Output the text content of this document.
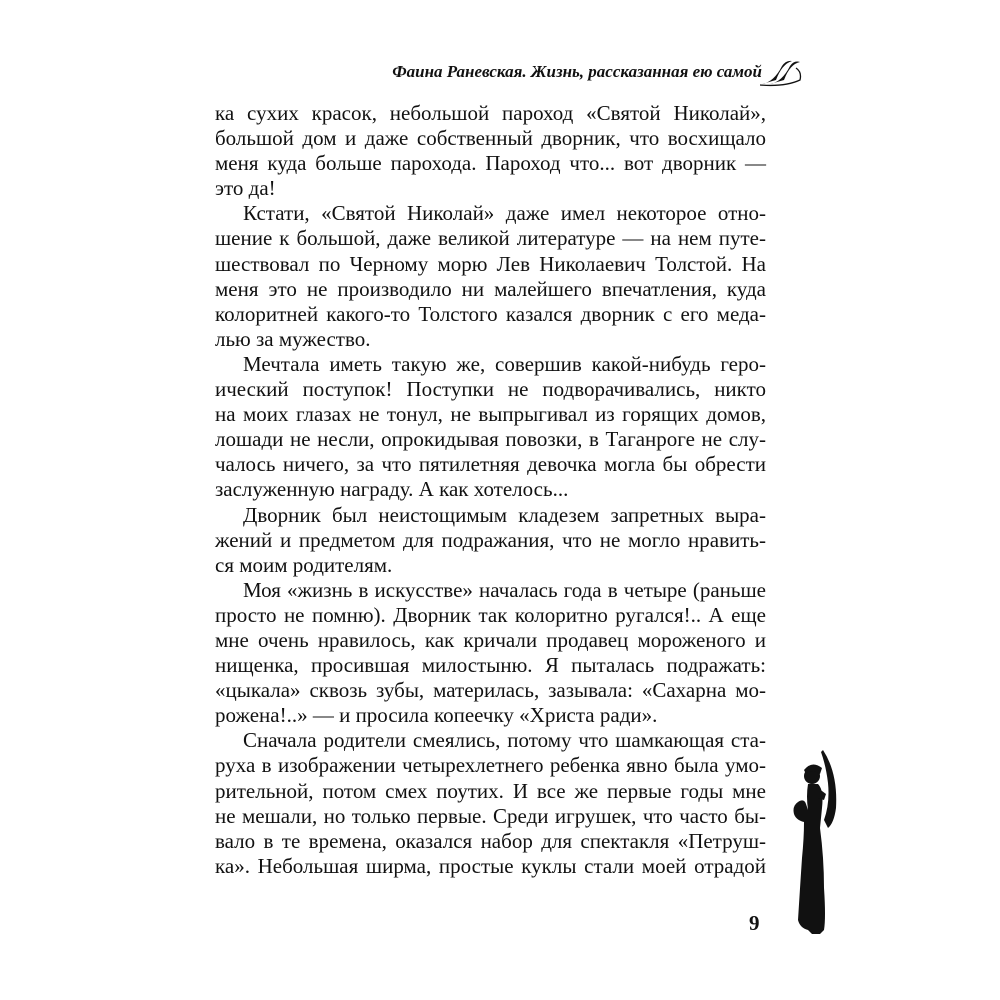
Фаина Раневская. Жизнь, рассказанная ею самой
ка сухих красок, небольшой пароход «Святой Николай»,
большой дом и даже собственный дворник, что восхищало
меня куда больше парохода. Пароход что... вот дворник —
это да!
Кстати, «Святой Николай» даже имел некоторое отно-
шение к большой, даже великой литературе — на нем путе-
шествовал по Черному морю Лев Николаевич Толстой. На
меня это не производило ни малейшего впечатления, куда
колоритней какого-то Толстого казался дворник с его меда-
лью за мужество.
Мечтала иметь такую же, совершив какой-нибудь геро-
ический поступок! Поступки не подворачивались, никто
на моих глазах не тонул, не выпрыгивал из горящих домов,
лошади не несли, опрокидывая повозки, в Таганроге не слу-
чалось ничего, за что пятилетняя девочка могла бы обрести
заслуженную награду. А как хотелось...
Дворник был неистощимым кладезем запретных выра-
жений и предметом для подражания, что не могло нравить-
ся моим родителям.
Моя «жизнь в искусстве» началась года в четыре (раньше
просто не помню). Дворник так колоритно ругался!.. А еще
мне очень нравилось, как кричали продавец мороженого и
нищенка, просившая милостыню. Я пыталась подражать:
«цыкала» сквозь зубы, материлась, зазывала: «Сахарна мо-
рожена!..» — и просила копеечку «Христа ради».
Сначала родители смеялись, потому что шамкающая ста-
руха в изображении четырехлетнего ребенка явно была умо-
рительной, потом смех поутих. И все же первые годы мне
не мешали, но только первые. Среди игрушек, что часто бы-
вало в те времена, оказался набор для спектакля «Петруш-
ка». Небольшая ширма, простые куклы стали моей отрадой
9
